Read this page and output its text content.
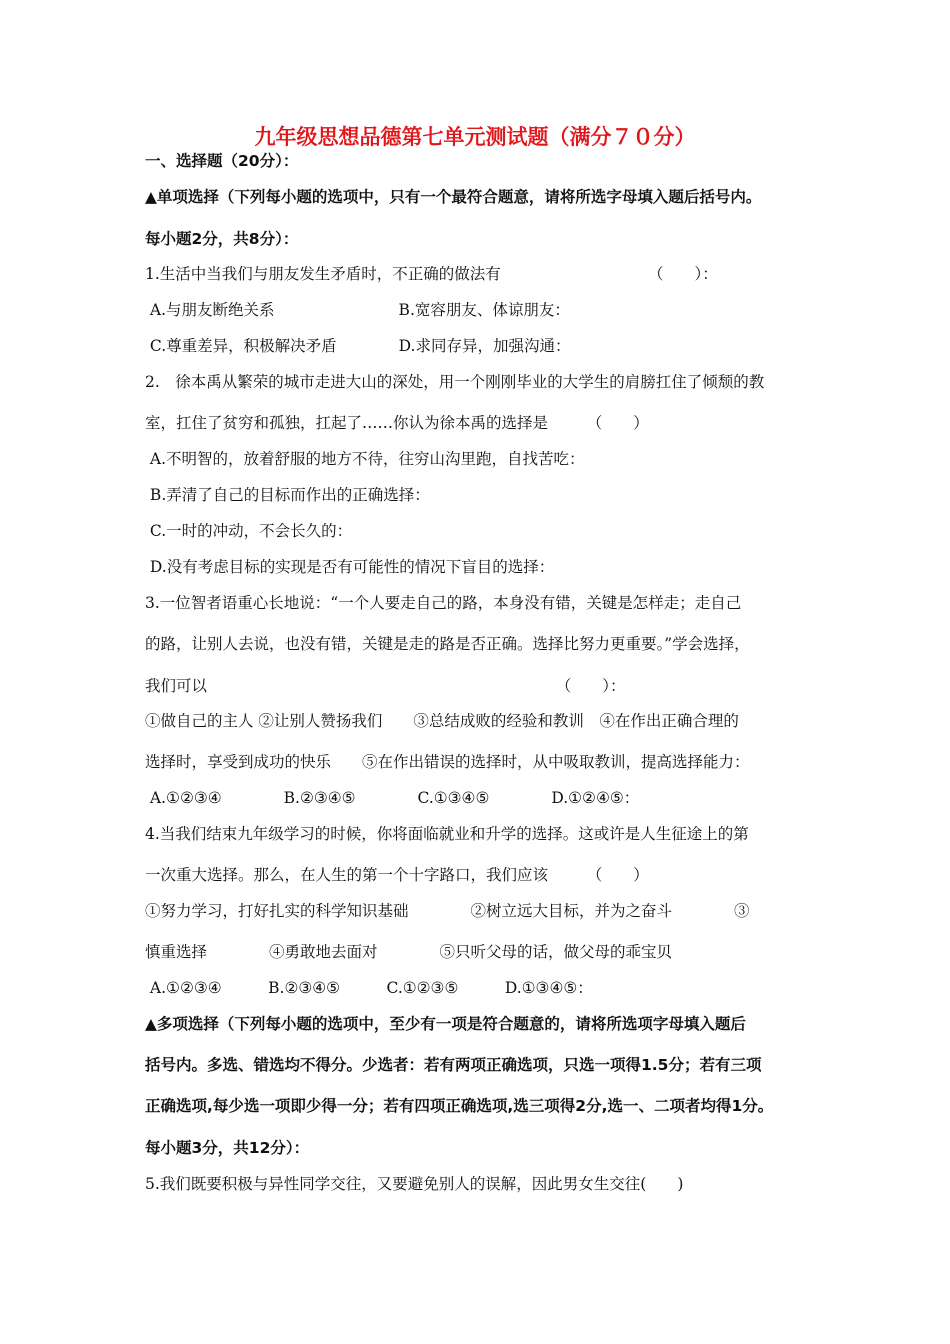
九年级思想品德第七单元测试题（满分７０分）
一、选择题（20分）：
▲单项选择（下列每小题的选项中，只有一个最符合题意，请将所选字母填入题后括号内。
每小题2分，共8分）：
1.生活中当我们与朋友发生矛盾时，不正确的做法有　　　　　　　　　　（　　）：
A.与朋友断绝关系　　　　　　　　B.宽容朋友、体谅朋友：
C.尊重差异，积极解决矛盾　　　　D.求同存异，加强沟通：
2.　徐本禹从繁荣的城市走进大山的深处，用一个刚刚毕业的大学生的肩膀扛住了倾颓的教
室，扛住了贫穷和孤独，扛起了……你认为徐本禹的选择是　　　（　　）
A.不明智的，放着舒服的地方不待，往穷山沟里跑，自找苦吃：
B.弄清了自己的目标而作出的正确选择：
C.一时的冲动，不会长久的：
D.没有考虑目标的实现是否有可能性的情况下盲目的选择：
3.一位智者语重心长地说：“一个人要走自己的路，本身没有错，关键是怎样走；走自己
的路，让别人去说，也没有错，关键是走的路是否正确。选择比努力更重要。”学会选择，
我们可以　　　　　　　　　　　　　　　　　　　　　　　（　　）：
①做自己的主人 ②让别人赞扬我们　　③总结成败的经验和教训　④在作出正确合理的
选择时，享受到成功的快乐　　⑤在作出错误的选择时，从中吸取教训，提高选择能力：
A.①②③④　　　　B.②③④⑤　　　　C.①③④⑤　　　　D.①②④⑤：
4.当我们结束九年级学习的时候，你将面临就业和升学的选择。这或许是人生征途上的第
一次重大选择。那么，在人生的第一个十字路口，我们应该　　　（　　）
①努力学习，打好扎实的科学知识基础　　　　②树立远大目标，并为之奋斗　　　　③
慎重选择　　　　④勇敢地去面对　　　　⑤只听父母的话，做父母的乖宝贝
A.①②③④　　　B.②③④⑤　　　C.①②③⑤　　　D.①③④⑤：
▲多项选择（下列每小题的选项中，至少有一项是符合题意的，请将所选项字母填入题后
括号内。多选、错选均不得分。少选者：若有两项正确选项，只选一项得1.5分；若有三项
正确选项,每少选一项即少得一分；若有四项正确选项,选三项得2分,选一、二项者均得1分。
每小题3分，共12分）：
5.我们既要积极与异性同学交往，又要避免别人的误解，因此男女生交往(　　)
